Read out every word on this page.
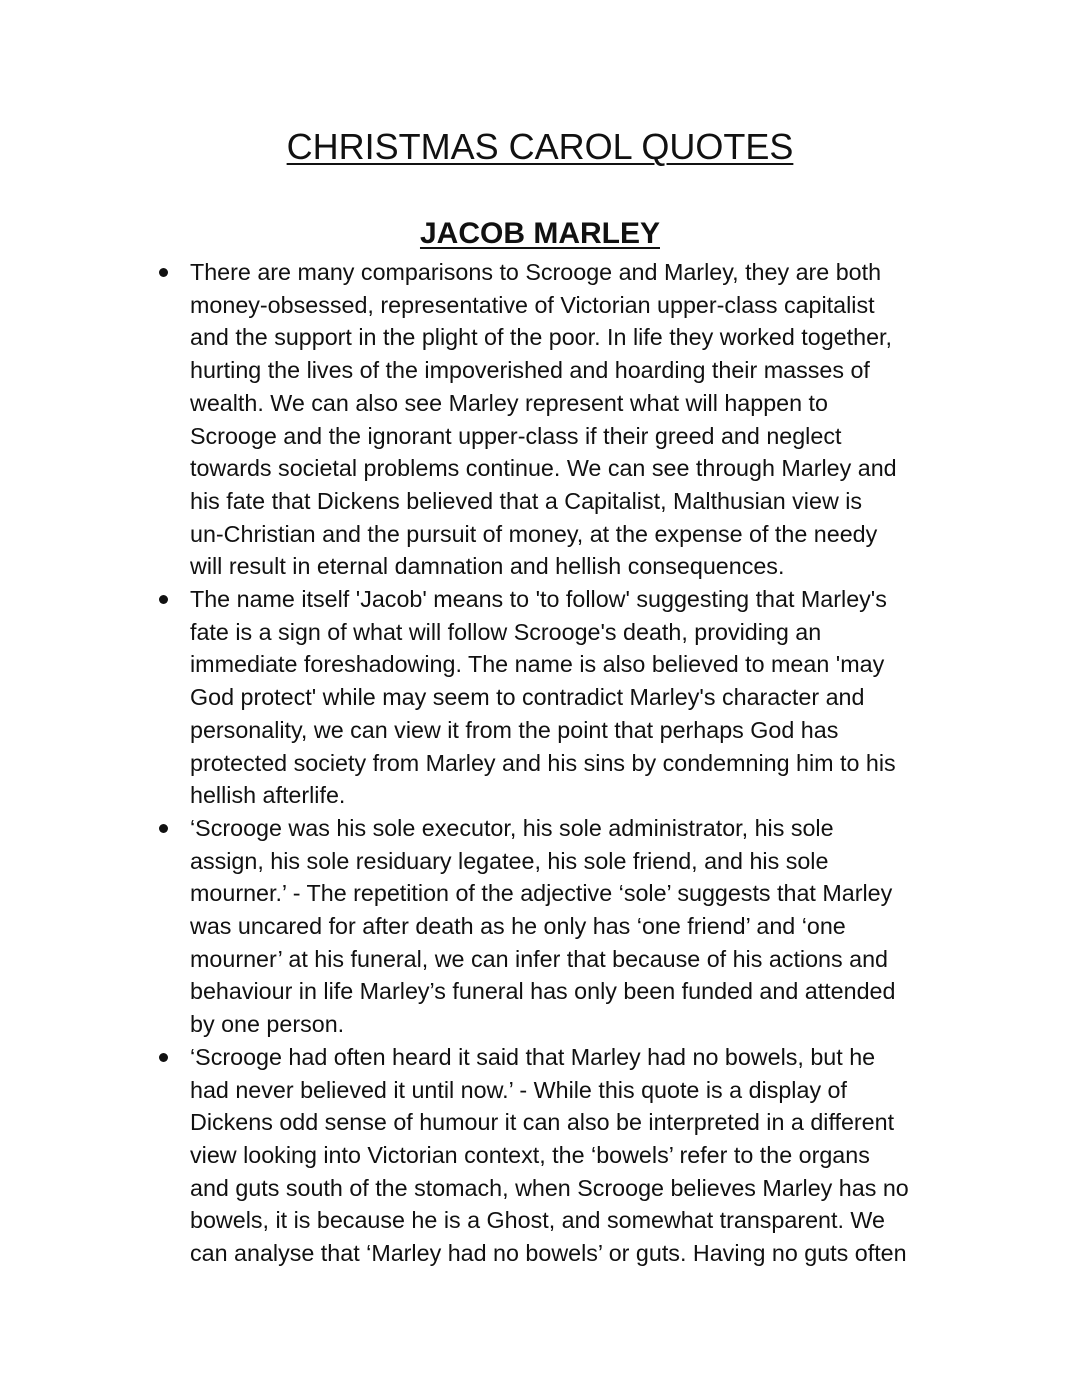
CHRISTMAS CAROL QUOTES
JACOB MARLEY
There are many comparisons to Scrooge and Marley, they are both
money-obsessed, representative of Victorian upper-class capitalist
and the support in the plight of the poor. In life they worked together,
hurting the lives of the impoverished and hoarding their masses of
wealth. We can also see Marley represent what will happen to
Scrooge and the ignorant upper-class if their greed and neglect
towards societal problems continue. We can see through Marley and
his fate that Dickens believed that a Capitalist, Malthusian view is
un-Christian and the pursuit of money, at the expense of the needy
will result in eternal damnation and hellish consequences.
The name itself 'Jacob' means to 'to follow' suggesting that Marley's
fate is a sign of what will follow Scrooge's death, providing an
immediate foreshadowing. The name is also believed to mean 'may
God protect' while may seem to contradict Marley's character and
personality, we can view it from the point that perhaps God has
protected society from Marley and his sins by condemning him to his
hellish afterlife.
‘Scrooge was his sole executor, his sole administrator, his sole
assign, his sole residuary legatee, his sole friend, and his sole
mourner.’ - The repetition of the adjective ‘sole’ suggests that Marley
was uncared for after death as he only has ‘one friend’ and ‘one
mourner’ at his funeral, we can infer that because of his actions and
behaviour in life Marley’s funeral has only been funded and attended
by one person.
‘Scrooge had often heard it said that Marley had no bowels, but he
had never believed it until now.’ - While this quote is a display of
Dickens odd sense of humour it can also be interpreted in a different
view looking into Victorian context, the ‘bowels’ refer to the organs
and guts south of the stomach, when Scrooge believes Marley has no
bowels, it is because he is a Ghost, and somewhat transparent. We
can analyse that ‘Marley had no bowels’ or guts. Having no guts often
